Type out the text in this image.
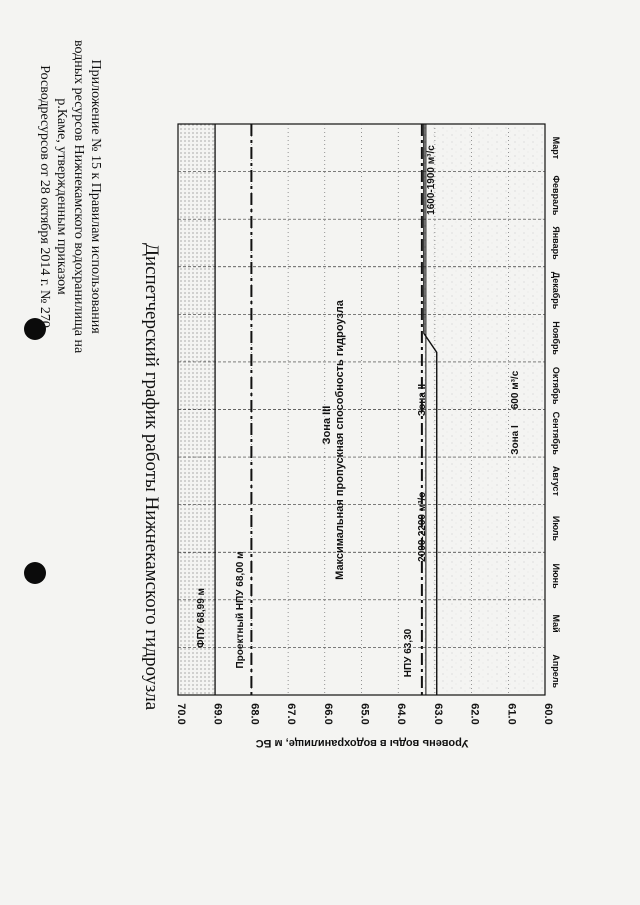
Приложение № 15 к Правилам использования
водных ресурсов Нижнекамского водохранилища на
р.Каме, утвержденным приказом
Росводресурсов от 28 октября 2014 г. № 270
Диспетчерский график работы Нижнекамского гидроузла
70.0 69.0 68.0 67.0 66.0 65.0 64.0 63.0 62.0 61.0 60.0
Апрель
Май
Июнь
Июль
Август
Сентябрь
Октябрь
Ноябрь
Декабрь
Январь
Февраль
Март
Уровень воды в водохранилище, м БС
ФПУ 68,99 м	Проектный НПУ 68,00 м	НПУ 63,30
Зона III Максимальная пропускная способность гидроузла	Зона II
2000-2200 м³/с
1600-1900 м³/с
Зона I
600 м³/с
